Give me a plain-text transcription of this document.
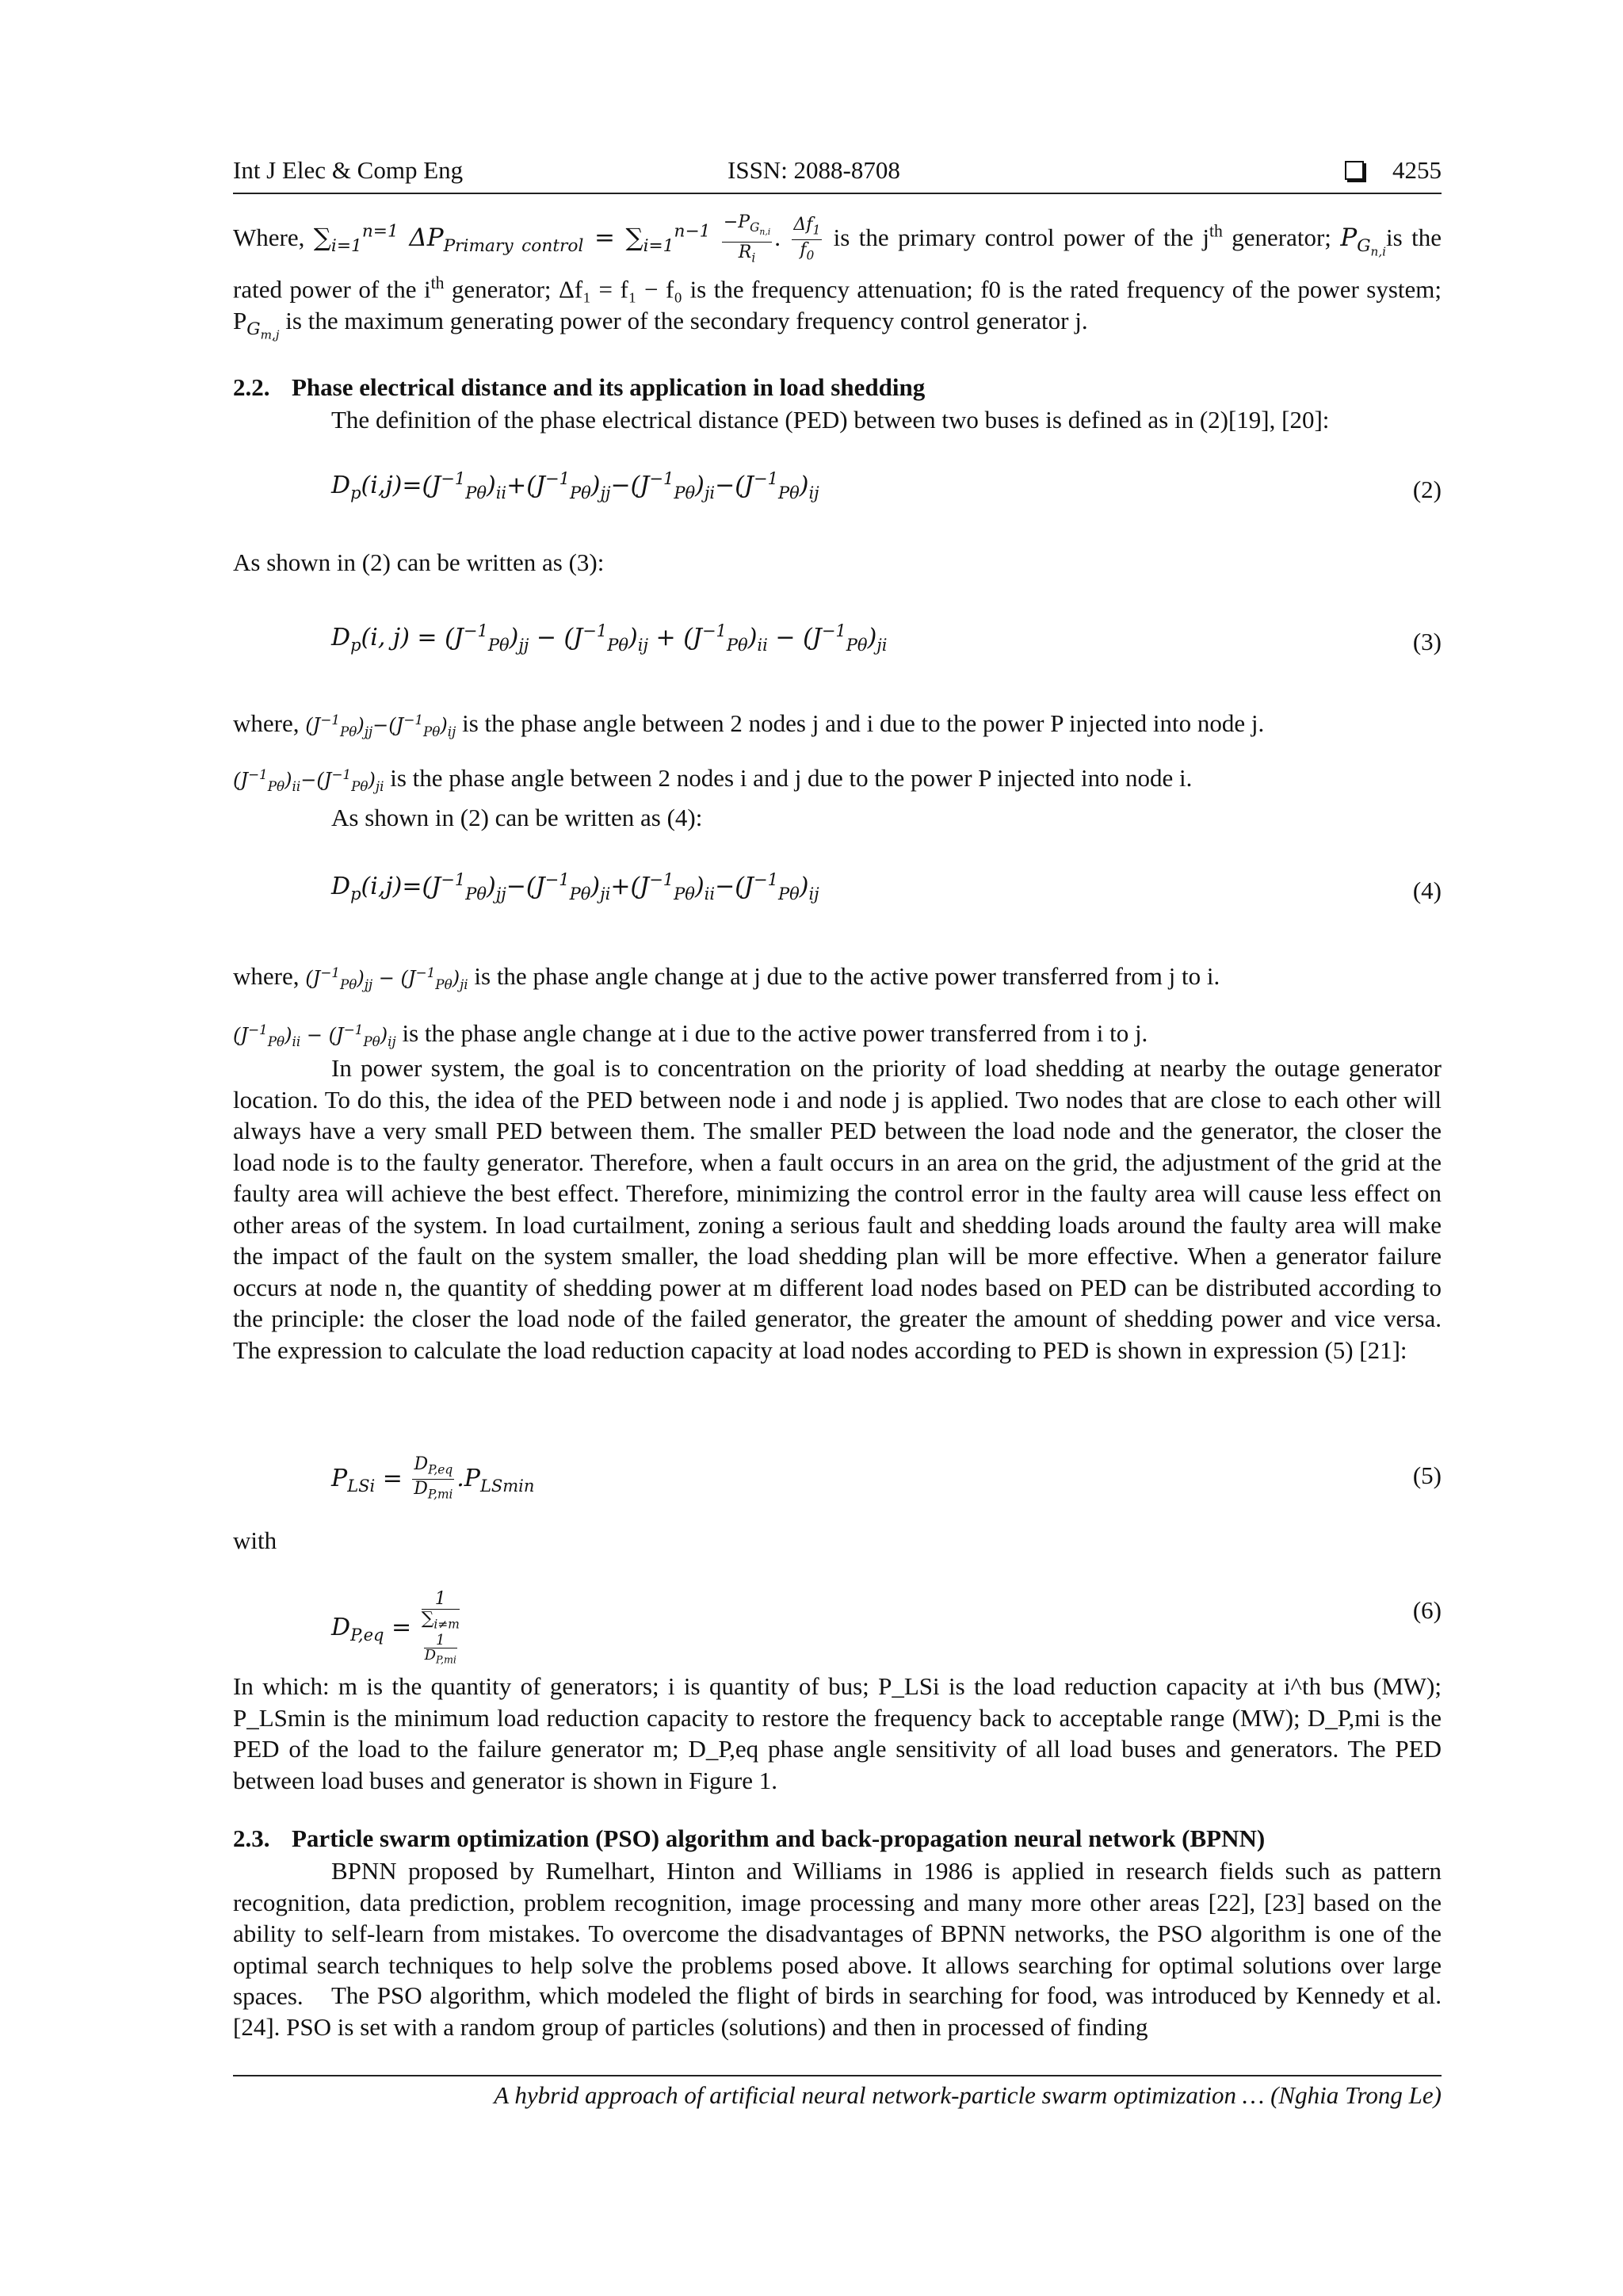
Int J Elec & Comp Eng	ISSN: 2088-8708	4255
Where, $\sum_{i=1}^{n=1}$ $\Delta P_{Primary control} = \sum_{i=1}^{n-1} \frac{-P_{G_{n,i}}}{R_i}$ . $\frac{\Delta f_1}{f_0}$ is the primary control power of the $j^{th}$ generator; $P_{G_{n,i}}is$ the rated power of the $i^{th}$ generator; Δf₁ = f₁ − f₀ is the frequency attenuation; f0 is the rated frequency of the power system; $P_{G_{m,j}}$ is the maximum generating power of the secondary frequency control generator j.
2.2. Phase electrical distance and its application in load shedding
The definition of the phase electrical distance (PED) between two buses is defined as in (2)[19], [20]:
$D_p(i,j)=(J^{-1}_{P\theta})_{ii}+(J^{-1}_{P\theta})_{jj}-(J^{-1}_{P\theta})_{ji}-(J^{-1}_{P\theta})_{ij}$	(2)
As shown in (2) can be written as (3):
$D_p(i$, $j) = (J^{-1}_{P\theta})_{jj} - (J^{-1}_{P\theta})_{ij} + (J^{-1}_{P\theta})_{ii} - (J^{-1}_{P\theta})_{ji}$	(3)
where, $(J^{-1}_{P\theta})_{jj}-(J^{-1}_{P\theta})_{ij}$ is the phase angle between 2 nodes j and i due to the power P injected into node j.
$(J^{-1}_{P\theta})_{ii}-(J^{-1}_{P\theta})_{ji}$ is the phase angle between 2 nodes i and j due to the power P injected into node i.
As shown in (2) can be written as (4):
$D_p(i,j)=(J^{-1}_{P\theta})_{jj}-(J^{-1}_{P\theta})_{ji}+(J^{-1}_{P\theta})_{ii}-(J^{-1}_{P\theta})_{ij}$	(4)
where, $(J^{-1}_{P\theta})_{jj} - (J^{-1}_{P\theta})_{ji}$ is the phase angle change at j due to the active power transferred from j to i.
$(J^{-1}_{P\theta})_{ii} - (J^{-1}_{P\theta})_{ij}$ is the phase angle change at i due to the active power transferred from i to j.
In power system, the goal is to concentration on the priority of load shedding at nearby the outage generator location. To do this, the idea of the PED between node i and node j is applied. Two nodes that are close to each other will always have a very small PED between them. The smaller PED between the load node and the generator, the closer the load node is to the faulty generator. Therefore, when a fault occurs in an area on the grid, the adjustment of the grid at the faulty area will achieve the best effect. Therefore, minimizing the control error in the faulty area will cause less effect on other areas of the system. In load curtailment, zoning a serious fault and shedding loads around the faulty area will make the impact of the fault on the system smaller, the load shedding plan will be more effective. When a generator failure occurs at node n, the quantity of shedding power at m different load nodes based on PED can be distributed according to the principle: the closer the load node of the failed generator, the greater the amount of shedding power and vice versa. The expression to calculate the load reduction capacity at load nodes according to PED is shown in expression (5) [21]:
$P_{LSi} = \frac{D_{P,eq}}{D_{P,mi}} .P_{LSmin}$	(5)
with
$D_{P,eq} = 1$
$\sum_{i\ne m}$
1
$D_{P,mi}$	(6)
In which: m is the quantity of generators; i is quantity of bus; P_LSi is the load reduction capacity at i^th bus (MW); P_LSmin is the minimum load reduction capacity to restore the frequency back to acceptable range (MW); D_P,mi is the PED of the load to the failure generator m; D_P,eq phase angle sensitivity of all load buses and generators. The PED between load buses and generator is shown in Figure 1.
2.3. Particle swarm optimization (PSO) algorithm and back-propagation neural network (BPNN)
BPNN proposed by Rumelhart, Hinton and Williams in 1986 is applied in research fields such as pattern recognition, data prediction, problem recognition, image processing and many more other areas [22], [23] based on the ability to self-learn from mistakes. To overcome the disadvantages of BPNN networks, the PSO algorithm is one of the optimal search techniques to help solve the problems posed above. It allows searching for optimal solutions over large spaces.	The PSO algorithm, which modeled the flight of birds in searching for food, was introduced by Kennedy et al. [24]. PSO is set with a random group of particles (solutions) and then in processed of finding
A hybrid approach of artificial neural network-particle swarm optimization … (Nghia Trong Le)
